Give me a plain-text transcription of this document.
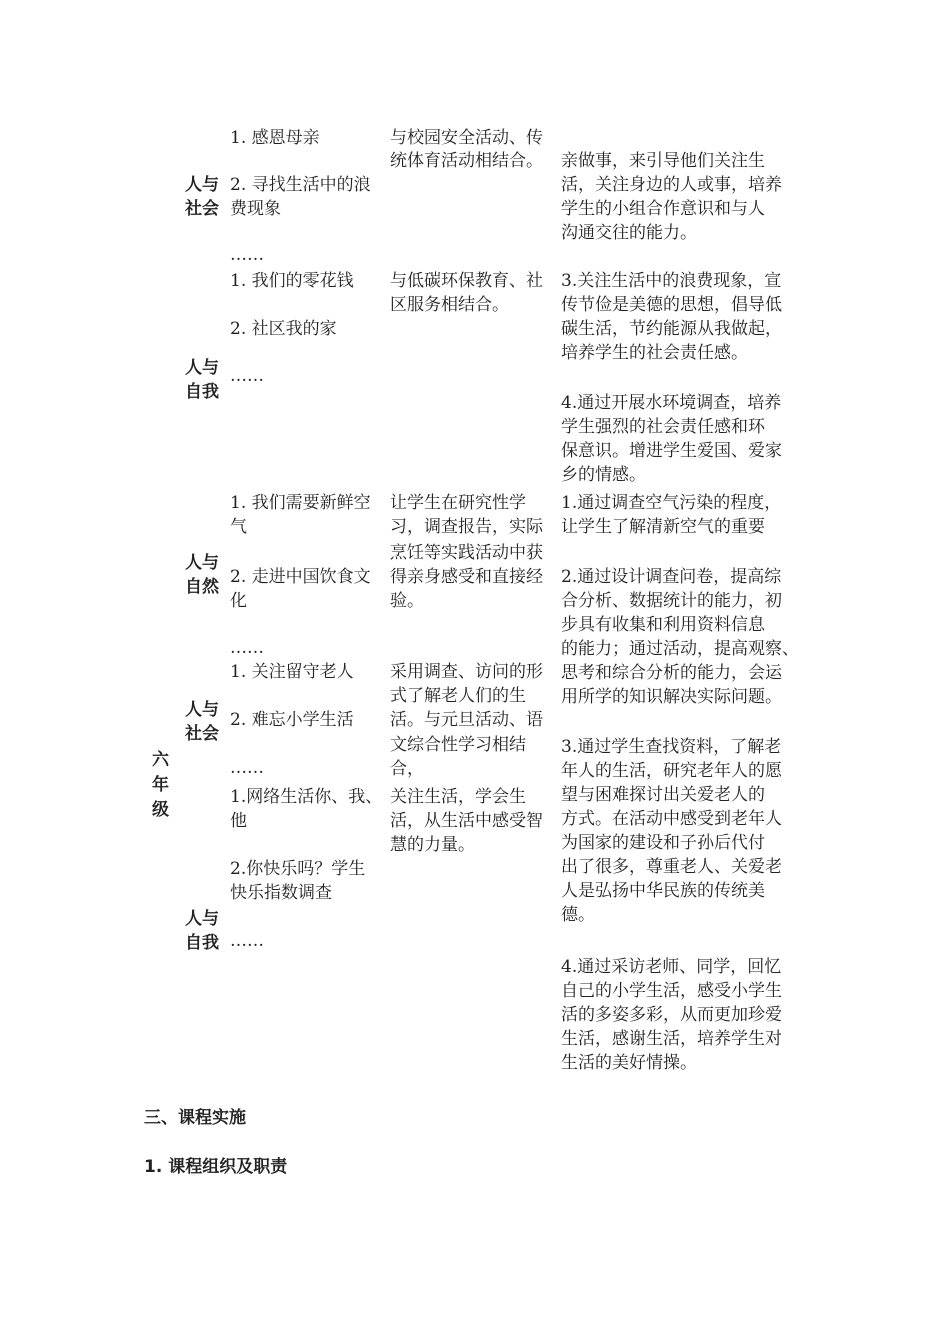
六
年
级
人与
社会
人与
自我
人与
自然
人与
社会
人与
自我
1. 感恩母亲
2. 寻找生活中的浪
费现象
……
1. 我们的零花钱
2. 社区我的家
……
1. 我们需要新鲜空
气
2. 走进中国饮食文
化
……
1. 关注留守老人
2. 难忘小学生活
……
1.网络生活你、我、
他
2.你快乐吗？学生
快乐指数调查
……
与校园安全活动、传
统体育活动相结合。
与低碳环保教育、社
区服务相结合。
让学生在研究性学
习，调查报告，实际
烹饪等实践活动中获
得亲身感受和直接经
验。
采用调查、访问的形
式了解老人们的生
活。与元旦活动、语
文综合性学习相结
合，
关注生活，学会生
活，从生活中感受智
慧的力量。
亲做事，来引导他们关注生
活，关注身边的人或事，培养
学生的小组合作意识和与人
沟通交往的能力。
3.关注生活中的浪费现象，宣
传节俭是美德的思想，倡导低
碳生活，节约能源从我做起，
培养学生的社会责任感。
4.通过开展水环境调查，培养
学生强烈的社会责任感和环
保意识。增进学生爱国、爱家
乡的情感。
1.通过调查空气污染的程度，
让学生了解清新空气的重要
2.通过设计调查问卷，提高综
合分析、数据统计的能力，初
步具有收集和利用资料信息
的能力；通过活动，提高观察、
思考和综合分析的能力，会运
用所学的知识解决实际问题。
3.通过学生查找资料，了解老
年人的生活，研究老年人的愿
望与困难探讨出关爱老人的
方式。在活动中感受到老年人
为国家的建设和子孙后代付
出了很多，尊重老人、关爱老
人是弘扬中华民族的传统美
德。
4.通过采访老师、同学，回忆
自己的小学生活，感受小学生
活的多姿多彩，从而更加珍爱
生活，感谢生活，培养学生对
生活的美好情操。
三、课程实施
1. 课程组织及职责
